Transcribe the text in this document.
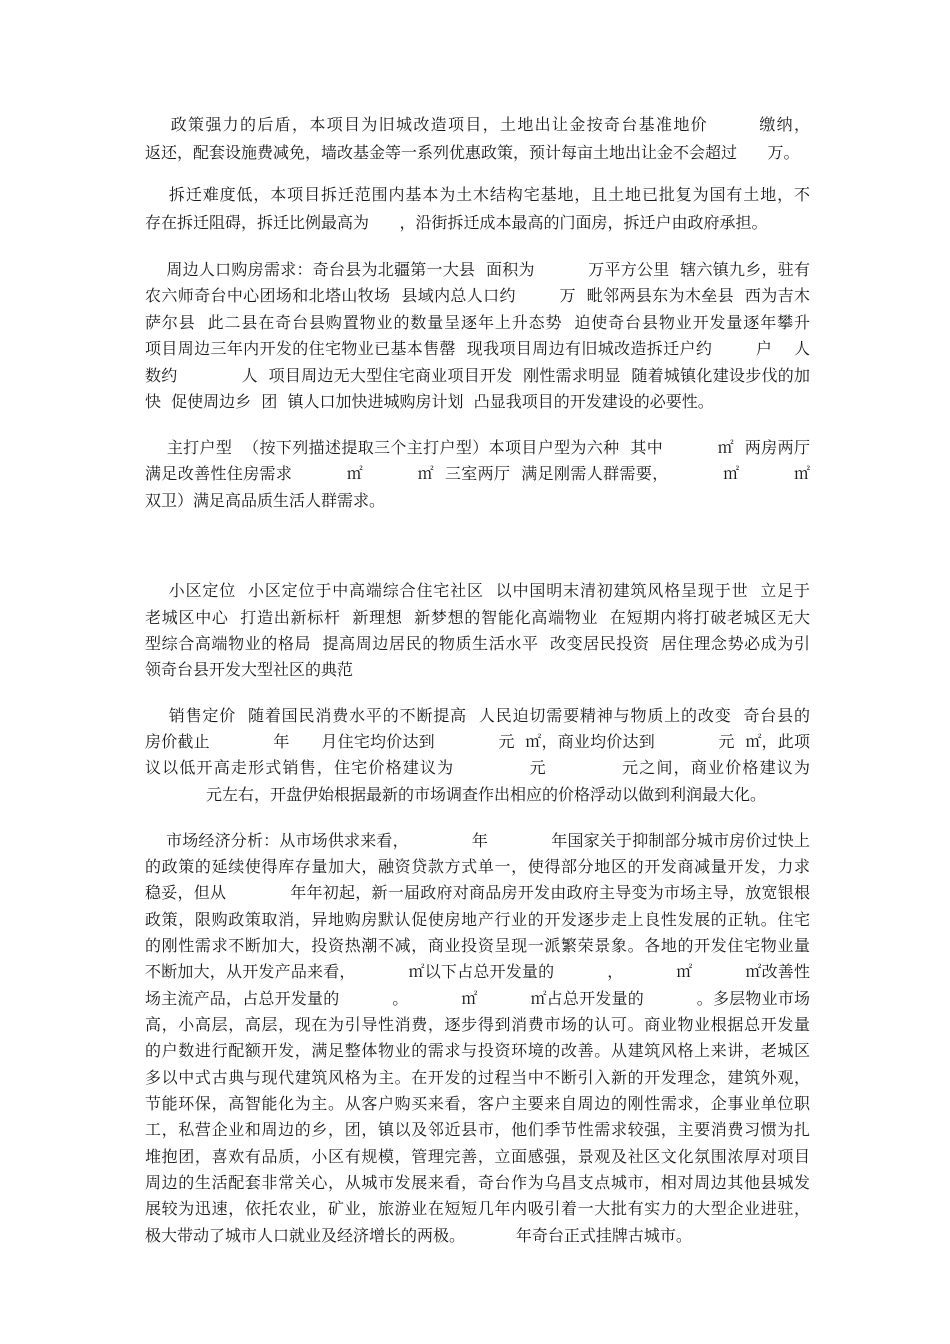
政策强力的后盾，本项目为旧城改造项目，土地出让金按奇台基准地价        缴纳，
返还，配套设施费减免，墙改基金等一系列优惠政策，预计每亩土地出让金不会超过      万。
拆迁难度低，本项目拆迁范围内基本为土木结构宅基地，且土地已批复为国有土地，不
存在拆迁阻碍，拆迁比例最高为      ，沿街拆迁成本最高的门面房，拆迁户由政府承担。
周边人口购房需求：奇台县为北疆第一大县  面积为          万平方公里  辖六镇九乡，驻有
农六师奇台中心团场和北塔山牧场  县域内总人口约        万  毗邻两县东为木垒县  西为吉木
萨尔县  此二县在奇台县购置物业的数量呈逐年上升态势  迫使奇台县物业开发量逐年攀升
项目周边三年内开发的住宅物业已基本售罄  现我项目周边有旧城改造拆迁户约        户    人
数约            人  项目周边无大型住宅商业项目开发  刚性需求明显  随着城镇化建设步伐的加
快  促使周边乡  团  镇人口加快进城购房计划  凸显我项目的开发建设的必要性。
主打户型  （按下列描述提取三个主打户型）本项目户型为六种  其中          ㎡  两房两厅
满足改善性住房需求          ㎡          ㎡  三室两厅  满足刚需人群需要，          ㎡          ㎡
双卫）满足高品质生活人群需求。
小区定位  小区定位于中高端综合住宅社区  以中国明末清初建筑风格呈现于世  立足于
老城区中心  打造出新标杆  新理想  新梦想的智能化高端物业  在短期内将打破老城区无大
型综合高端物业的格局  提高周边居民的物质生活水平  改变居民投资  居住理念势必成为引
领奇台县开发大型社区的典范
销售定价  随着国民消费水平的不断提高  人民迫切需要精神与物质上的改变  奇台县的
房价截止            年      月住宅均价达到            元  ㎡，商业均价达到            元  ㎡，此项
议以低开高走形式销售，住宅价格建议为            元            元之间，商业价格建议为
元左右，开盘伊始根据最新的市场调查作出相应的价格浮动以做到利润最大化。
市场经济分析：从市场供求来看，            年            年国家关于抑制部分城市房价过快上
的政策的延续使得库存量加大，融资贷款方式单一，使得部分地区的开发商减量开发，力求
稳妥，但从            年年初起，新一届政府对商品房开发由政府主导变为市场主导，放宽银根
政策，限购政策取消，异地购房默认促使房地产行业的开发逐步走上良性发展的正轨。住宅
的刚性需求不断加大，投资热潮不减，商业投资呈现一派繁荣景象。各地的开发住宅物业量
不断加大，从开发产品来看，          ㎡以下占总开发量的          ，          ㎡          ㎡改善性
场主流产品，占总开发量的          。          ㎡          ㎡占总开发量的          。多层物业市场
高，小高层，高层，现在为引导性消费，逐步得到消费市场的认可。商业物业根据总开发量
的户数进行配额开发，满足整体物业的需求与投资环境的改善。从建筑风格上来讲，老城区
多以中式古典与现代建筑风格为主。在开发的过程当中不断引入新的开发理念，建筑外观，
节能环保，高智能化为主。从客户购买来看，客户主要来自周边的刚性需求，企事业单位职
工，私营企业和周边的乡，团，镇以及邻近县市，他们季节性需求较强，主要消费习惯为扎
堆抱团，喜欢有品质，小区有规模，管理完善，立面感强，景观及社区文化氛围浓厚对项目
周边的生活配套非常关心，从城市发展来看，奇台作为乌昌支点城市，相对周边其他县城发
展较为迅速，依托农业，矿业，旅游业在短短几年内吸引着一大批有实力的大型企业进驻，
极大带动了城市人口就业及经济增长的两极。          年奇台正式挂牌古城市。
